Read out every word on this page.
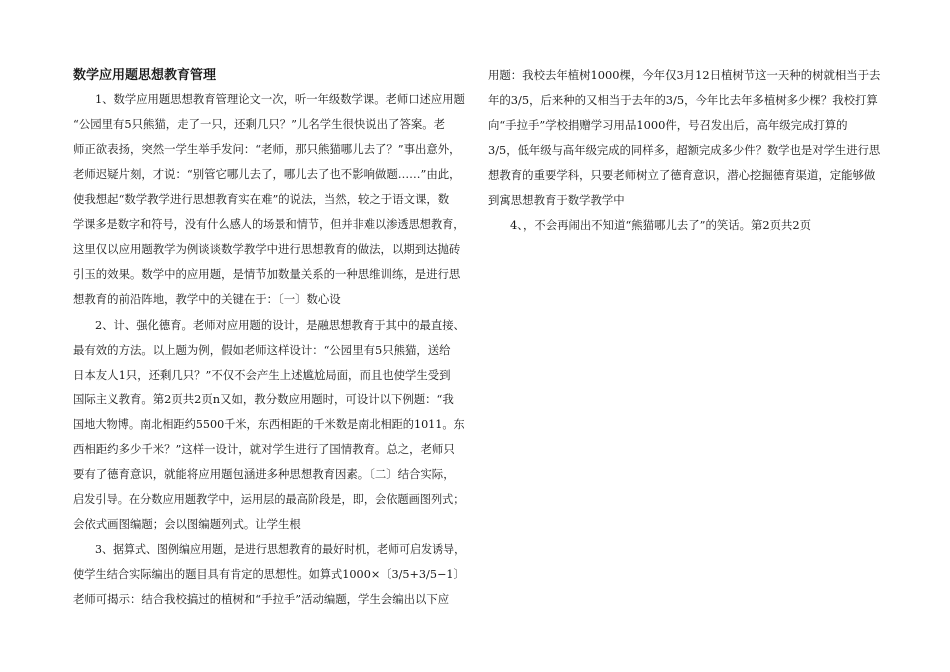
数学应用题思想教育管理
1、数学应用题思想教育管理论文一次，听一年级数学课。老师口述应用题
“公园里有5只熊猫，走了一只，还剩几只？”儿名学生很快说出了答案。老
师正欲表扬，突然一学生举手发问：“老师，那只熊猫哪儿去了？”事出意外，
老师迟疑片刻，才说：“别管它哪儿去了，哪儿去了也不影响做题……”由此，
使我想起“数学教学进行思想教育实在难”的说法，当然，较之于语文课，数
学课多是数字和符号，没有什么感人的场景和情节，但并非难以渗透思想教育，
这里仅以应用题教学为例谈谈数学教学中进行思想教育的做法，以期到达抛砖
引玉的效果。数学中的应用题，是情节加数量关系的一种思维训练，是进行思
想教育的前沿阵地，教学中的关键在于：〔一〕数心设
2、计、强化德育。老师对应用题的设计，是融思想教育于其中的最直接、
最有效的方法。以上题为例，假如老师这样设计：“公园里有5只熊猫，送给
日本友人1只，还剩几只？”不仅不会产生上述尴尬局面，而且也使学生受到
国际主义教育。第2页共2页n又如，教分数应用题时，可设计以下例题：“我
国地大物博。南北相距约5500千米，东西相距的千米数是南北相距的1011。东
西相距约多少千米？”这样一设计，就对学生进行了国情教育。总之，老师只
要有了德育意识，就能将应用题包涵进多种思想教育因素。〔二〕结合实际，
启发引导。在分数应用题教学中，运用层的最高阶段是，即，会依题画图列式；
会依式画图编题；会以图编题列式。让学生根
3、据算式、图例编应用题，是进行思想教育的最好时机，老师可启发诱导，
使学生结合实际编出的题目具有肯定的思想性。如算式1000×〔3/5+3/5−1〕
老师可揭示：结合我校搞过的植树和“手拉手”活动编题，学生会编出以下应
用题：我校去年植树1000棵，今年仅3月12日植树节这一天种的树就相当于去
年的3/5，后来种的又相当于去年的3/5，今年比去年多植树多少棵？我校打算
向“手拉手”学校捐赠学习用品1000件，号召发出后，高年级完成打算的
3/5，低年级与高年级完成的同样多，超额完成多少件？数学也是对学生进行思
想教育的重要学科，只要老师树立了德育意识，潜心挖掘德育渠道，定能够做
到寓思想教育于数学教学中
4、，不会再闹出不知道“熊猫哪儿去了”的笑话。第2页共2页
